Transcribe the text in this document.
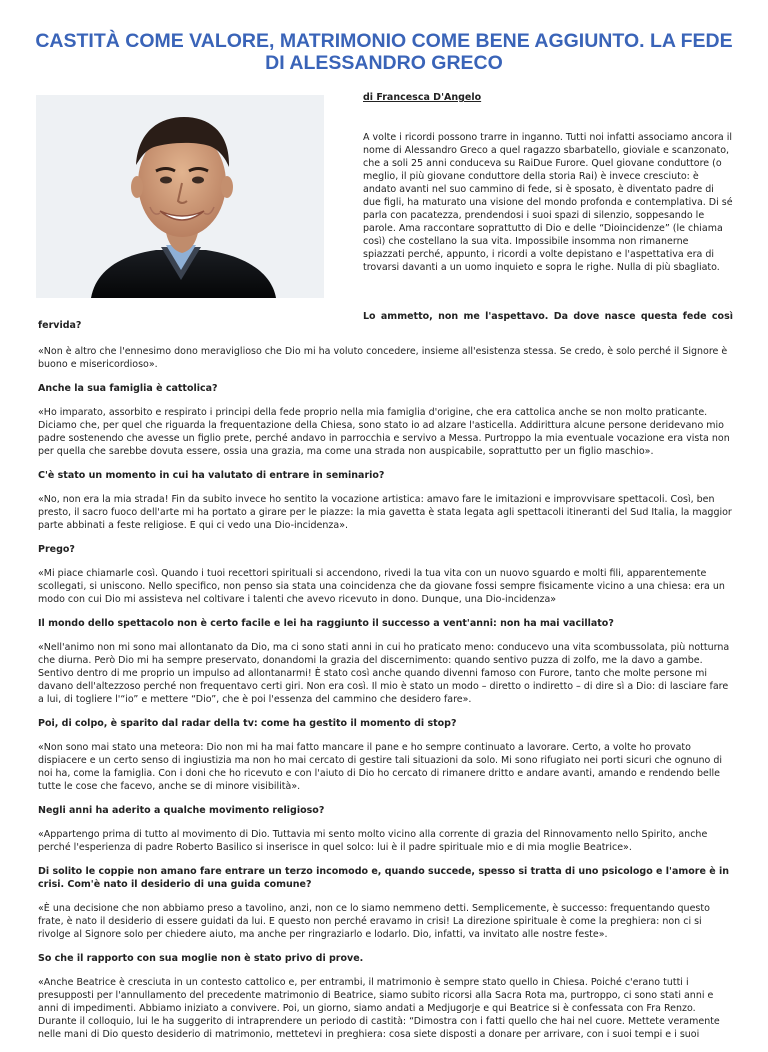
CASTITÀ COME VALORE, MATRIMONIO COME BENE AGGIUNTO. LA FEDE DI ALESSANDRO GRECO

di Francesca D'Angelo

A volte i ricordi possono trarre in inganno. Tutti noi infatti associamo ancora il nome di Alessandro Greco a quel ragazzo sbarbatello, gioviale e scanzonato, che a soli 25 anni conduceva su RaiDue Furore. Quel giovane conduttore (o meglio, il più giovane conduttore della storia Rai) è invece cresciuto: è andato avanti nel suo cammino di fede, si è sposato, è diventato padre di due figli, ha maturato una visione del mondo profonda e contemplativa. Di sé parla con pacatezza, prendendosi i suoi spazi di silenzio, soppesando le parole. Ama raccontare soprattutto di Dio e delle “Dioincidenze” (le chiama così) che costellano la sua vita. Impossibile insomma non rimanerne spiazzati perché, appunto, i ricordi a volte depistano e l'aspettativa era di trovarsi davanti a un uomo inquieto e sopra le righe. Nulla di più sbagliato.

Lo ammetto, non me l'aspettavo. Da dove nasce questa fede così

fervida?

«Non è altro che l'ennesimo dono meraviglioso che Dio mi ha voluto concedere, insieme all'esistenza stessa. Se credo, è solo perché il Signore è buono e misericordioso».

Anche la sua famiglia è cattolica?

«Ho imparato, assorbito e respirato i principi della fede proprio nella mia famiglia d'origine, che era cattolica anche se non molto praticante. Diciamo che, per quel che riguarda la frequentazione della Chiesa, sono stato io ad alzare l'asticella. Addirittura alcune persone deridevano mio padre sostenendo che avesse un figlio prete, perché andavo in parrocchia e servivo a Messa. Purtroppo la mia eventuale vocazione era vista non per quella che sarebbe dovuta essere, ossia una grazia, ma come una strada non auspicabile, soprattutto per un figlio maschio».

C'è stato un momento in cui ha valutato di entrare in seminario?

«No, non era la mia strada! Fin da subito invece ho sentito la vocazione artistica: amavo fare le imitazioni e improvvisare spettacoli. Così, ben presto, il sacro fuoco dell'arte mi ha portato a girare per le piazze: la mia gavetta è stata legata agli spettacoli itineranti del Sud Italia, la maggior parte abbinati a feste religiose. E qui ci vedo una Dio-incidenza».

Prego?

«Mi piace chiamarle così. Quando i tuoi recettori spirituali si accendono, rivedi la tua vita con un nuovo sguardo e molti fili, apparentemente scollegati, si uniscono. Nello specifico, non penso sia stata una coincidenza che da giovane fossi sempre fisicamente vicino a una chiesa: era un modo con cui Dio mi assisteva nel coltivare i talenti che avevo ricevuto in dono. Dunque, una Dio-incidenza»

Il mondo dello spettacolo non è certo facile e lei ha raggiunto il successo a vent'anni: non ha mai vacillato?

«Nell'animo non mi sono mai allontanato da Dio, ma ci sono stati anni in cui ho praticato meno: conducevo una vita scombussolata, più notturna che diurna. Però Dio mi ha sempre preservato, donandomi la grazia del discernimento: quando sentivo puzza di zolfo, me la davo a gambe. Sentivo dentro di me proprio un impulso ad allontanarmi! È stato così anche quando divenni famoso con Furore, tanto che molte persone mi davano dell'altezzoso perché non frequentavo certi giri. Non era così. Il mio è stato un modo – diretto o indiretto – di dire sì a Dio: di lasciare fare a lui, di togliere l'“io” e mettere “Dio”, che è poi l'essenza del cammino che desidero fare».

Poi, di colpo, è sparito dal radar della tv: come ha gestito il momento di stop?

«Non sono mai stato una meteora: Dio non mi ha mai fatto mancare il pane e ho sempre continuato a lavorare. Certo, a volte ho provato dispiacere e un certo senso di ingiustizia ma non ho mai cercato di gestire tali situazioni da solo. Mi sono rifugiato nei porti sicuri che ognuno di noi ha, come la famiglia. Con i doni che ho ricevuto e con l'aiuto di Dio ho cercato di rimanere dritto e andare avanti, amando e rendendo belle tutte le cose che facevo, anche se di minore visibilità».

Negli anni ha aderito a qualche movimento religioso?

«Appartengo prima di tutto al movimento di Dio. Tuttavia mi sento molto vicino alla corrente di grazia del Rinnovamento nello Spirito, anche perché l'esperienza di padre Roberto Basilico si inserisce in quel solco: lui è il padre spirituale mio e di mia moglie Beatrice».

Di solito le coppie non amano fare entrare un terzo incomodo e, quando succede, spesso si tratta di uno psicologo e l'amore è in crisi. Com'è nato il desiderio di una guida comune?

«È una decisione che non abbiamo preso a tavolino, anzi, non ce lo siamo nemmeno detti. Semplicemente, è successo: frequentando questo frate, è nato il desiderio di essere guidati da lui. E questo non perché eravamo in crisi! La direzione spirituale è come la preghiera: non ci si rivolge al Signore solo per chiedere aiuto, ma anche per ringraziarlo e lodarlo. Dio, infatti, va invitato alle nostre feste».

So che il rapporto con sua moglie non è stato privo di prove.

«Anche Beatrice è cresciuta in un contesto cattolico e, per entrambi, il matrimonio è sempre stato quello in Chiesa. Poiché c'erano tutti i presupposti per l'annullamento del precedente matrimonio di Beatrice, siamo subito ricorsi alla Sacra Rota ma, purtroppo, ci sono stati anni e anni di impedimenti. Abbiamo iniziato a convivere. Poi, un giorno, siamo andati a Medjugorje e qui Beatrice si è confessata con Fra Renzo. Durante il colloquio, lui le ha suggerito di intraprendere un periodo di castità: “Dimostra con i fatti quello che hai nel cuore. Mettete veramente nelle mani di Dio questo desiderio di matrimonio, mettetevi in preghiera: cosa siete disposti a donare per arrivare, con i suoi tempi e i suoi
